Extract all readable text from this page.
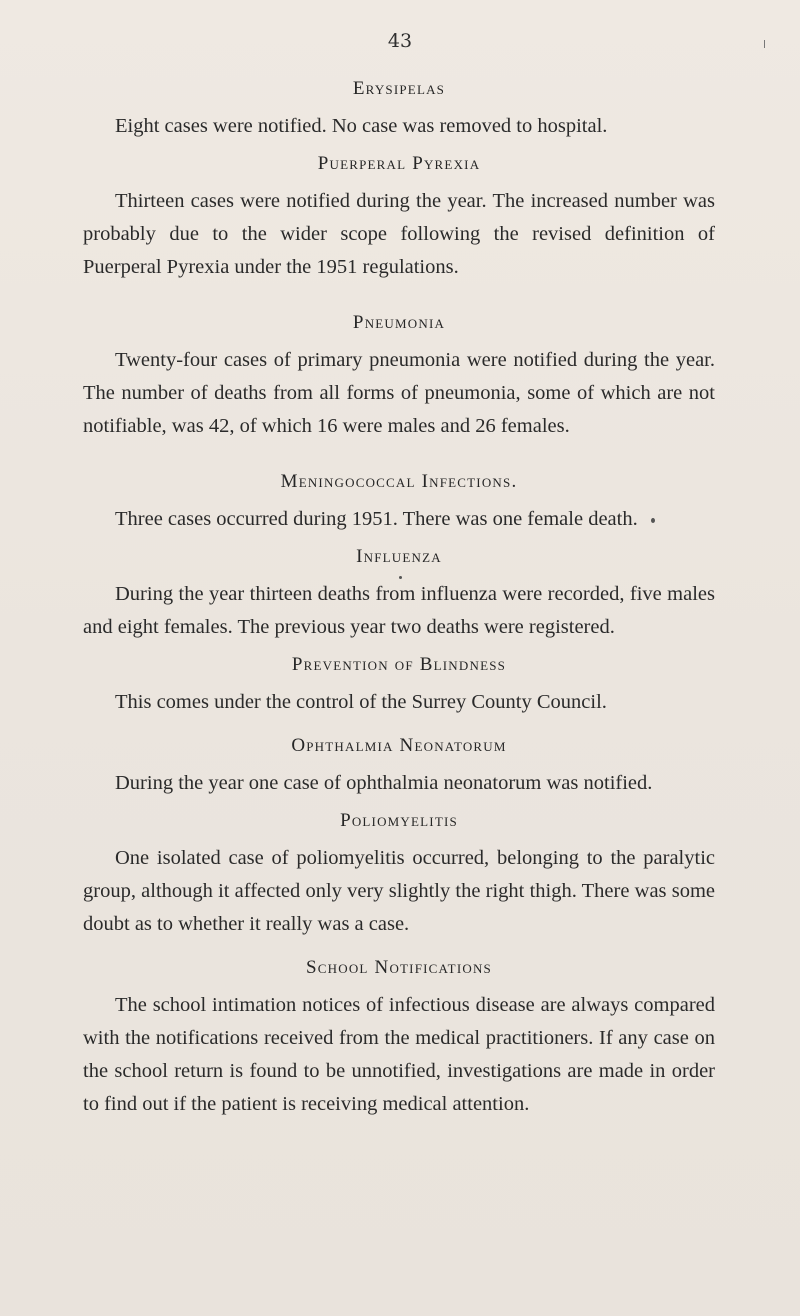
43
Erysipelas

Eight cases were notified. No case was removed to hospital.

Puerperal Pyrexia

Thirteen cases were notified during the year. The increased number was probably due to the wider scope following the revised definition of Puerperal Pyrexia under the 1951 regulations.

Pneumonia

Twenty-four cases of primary pneumonia were notified during the year. The number of deaths from all forms of pneumonia, some of which are not notifiable, was 42, of which 16 were males and 26 females.

Meningococcal Infections.

Three cases occurred during 1951. There was one female death.

Influenza

During the year thirteen deaths from influenza were recorded, five males and eight females. The previous year two deaths were registered.

Prevention of Blindness

This comes under the control of the Surrey County Council.

Ophthalmia Neonatorum

During the year one case of ophthalmia neonatorum was notified.

Poliomyelitis

One isolated case of poliomyelitis occurred, belonging to the paralytic group, although it affected only very slightly the right thigh. There was some doubt as to whether it really was a case.

School Notifications

The school intimation notices of infectious disease are always compared with the notifications received from the medical practitioners. If any case on the school return is found to be unnotified, investigations are made in order to find out if the patient is receiving medical attention.
